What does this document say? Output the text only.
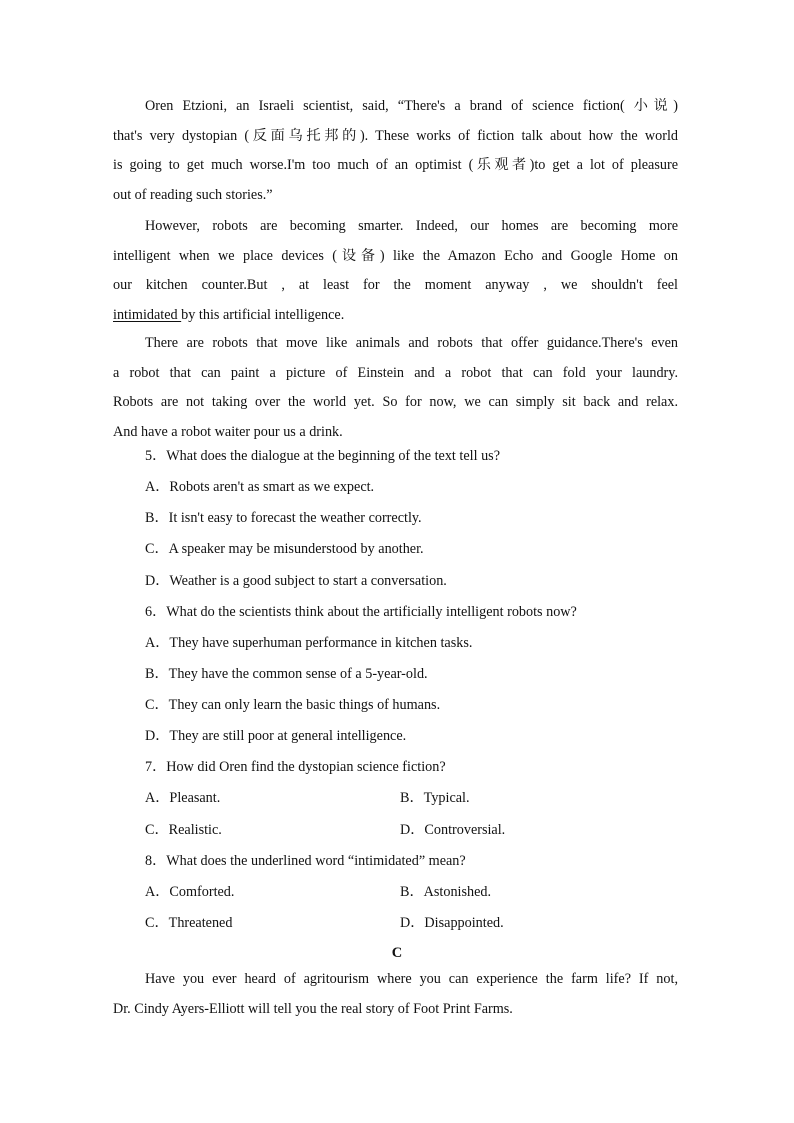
Oren Etzioni, an Israeli scientist, said, “There's a brand of science fiction( 小说)
that's very dystopian (反面乌托邦的). These works of fiction talk about how the world
is going to get much worse.I'm too much of an optimist (乐观者)to get a lot of pleasure
out of reading such stories.”
However, robots are becoming smarter. Indeed, our homes are becoming more
intelligent when we place devices (设备) like the Amazon Echo and Google Home on
our kitchen counter.But , at least for the moment anyway , we shouldn't feel
intimidated by this artificial intelligence.
There are robots that move like animals and robots that offer guidance.There's even
a robot that can paint a picture of Einstein and a robot that can fold your laundry.
Robots are not taking over the world yet. So for now, we can simply sit back and relax.
And have a robot waiter pour us a drink.
5．What does the dialogue at the beginning of the text tell us?
A．Robots aren't as smart as we expect.
B．It isn't easy to forecast the weather correctly.
C．A speaker may be misunderstood by another.
D．Weather is a good subject to start a conversation.
6．What do the scientists think about the artificially intelligent robots now?
A．They have superhuman performance in kitchen tasks.
B．They have the common sense of a 5-year-old.
C．They can only learn the basic things of humans.
D．They are still poor at general intelligence.
7．How did Oren find the dystopian science fiction?
A．Pleasant.	B．Typical.
C．Realistic.	D．Controversial.
8．What does the underlined word “intimidated” mean?
A．Comforted.	B．Astonished.
C．Threatened	D．Disappointed.
C
Have you ever heard of agritourism where you can experience the farm life? If not,
Dr. Cindy Ayers-Elliott will tell you the real story of Foot Print Farms.
